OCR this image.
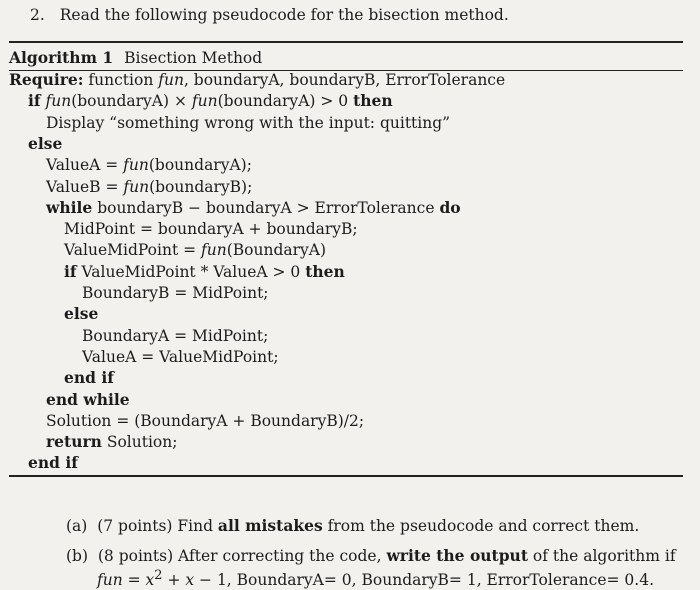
2. Read the following pseudocode for the bisection method.
Algorithm 1 Bisection Method
Require: function fun, boundaryA, boundaryB, ErrorTolerance
if fun(boundaryA) × fun(boundaryA) > 0 then
Display “something wrong with the input: quitting”
else
ValueA = fun(boundaryA);
ValueB = fun(boundaryB);
while boundaryB − boundaryA > ErrorTolerance do
MidPoint = boundaryA + boundaryB;
ValueMidPoint = fun(BoundaryA)
if ValueMidPoint * ValueA > 0 then
BoundaryB = MidPoint;
else
BoundaryA = MidPoint;
ValueA = ValueMidPoint;
end if
end while
Solution = (BoundaryA + BoundaryB)/2;
return Solution;
end if
(a)  (7 points) Find all mistakes from the pseudocode and correct them.
(b)  (8 points) After correcting the code, write the output of the algorithm if
fun = $x^2 + x - 1$, BoundaryA= 0, BoundaryB= 1, ErrorTolerance= 0.4.
